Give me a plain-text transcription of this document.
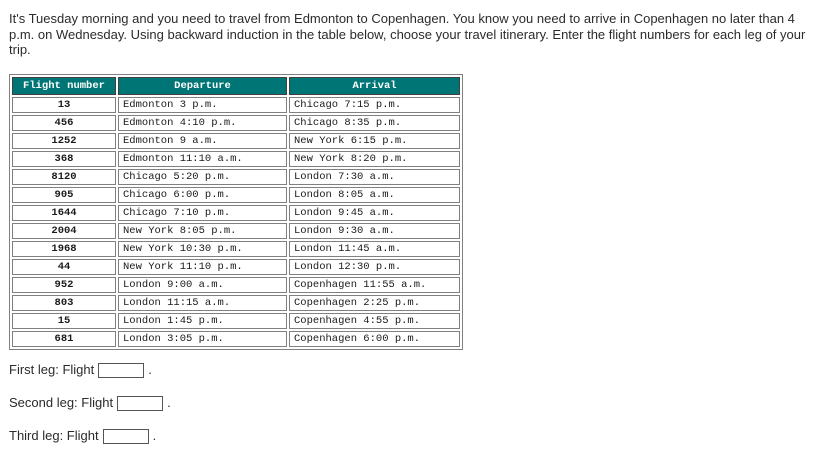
It's Tuesday morning and you need to travel from Edmonton to Copenhagen. You know you need to arrive in Copenhagen no later than 4 p.m. on Wednesday. Using backward induction in the table below, choose your travel itinerary. Enter the flight numbers for each leg of your trip.

Flight number	Departure	Arrival
13	Edmonton 3 p.m.	Chicago 7:15 p.m.
456	Edmonton 4:10 p.m.	Chicago 8:35 p.m.
1252	Edmonton 9 a.m.	New York 6:15 p.m.
368	Edmonton 11:10 a.m.	New York 8:20 p.m.
8120	Chicago 5:20 p.m.	London 7:30 a.m.
905	Chicago 6:00 p.m.	London 8:05 a.m.
1644	Chicago 7:10 p.m.	London 9:45 a.m.
2004	New York 8:05 p.m.	London 9:30 a.m.
1968	New York 10:30 p.m.	London 11:45 a.m.
44	New York 11:10 p.m.	London 12:30 p.m.
952	London 9:00 a.m.	Copenhagen 11:55 a.m.
803	London 11:15 a.m.	Copenhagen 2:25 p.m.
15	London 1:45 p.m.	Copenhagen 4:55 p.m.
681	London 3:05 p.m.	Copenhagen 6:00 p.m.
First leg: Flight	.
Second leg: Flight	.
Third leg: Flight	.
